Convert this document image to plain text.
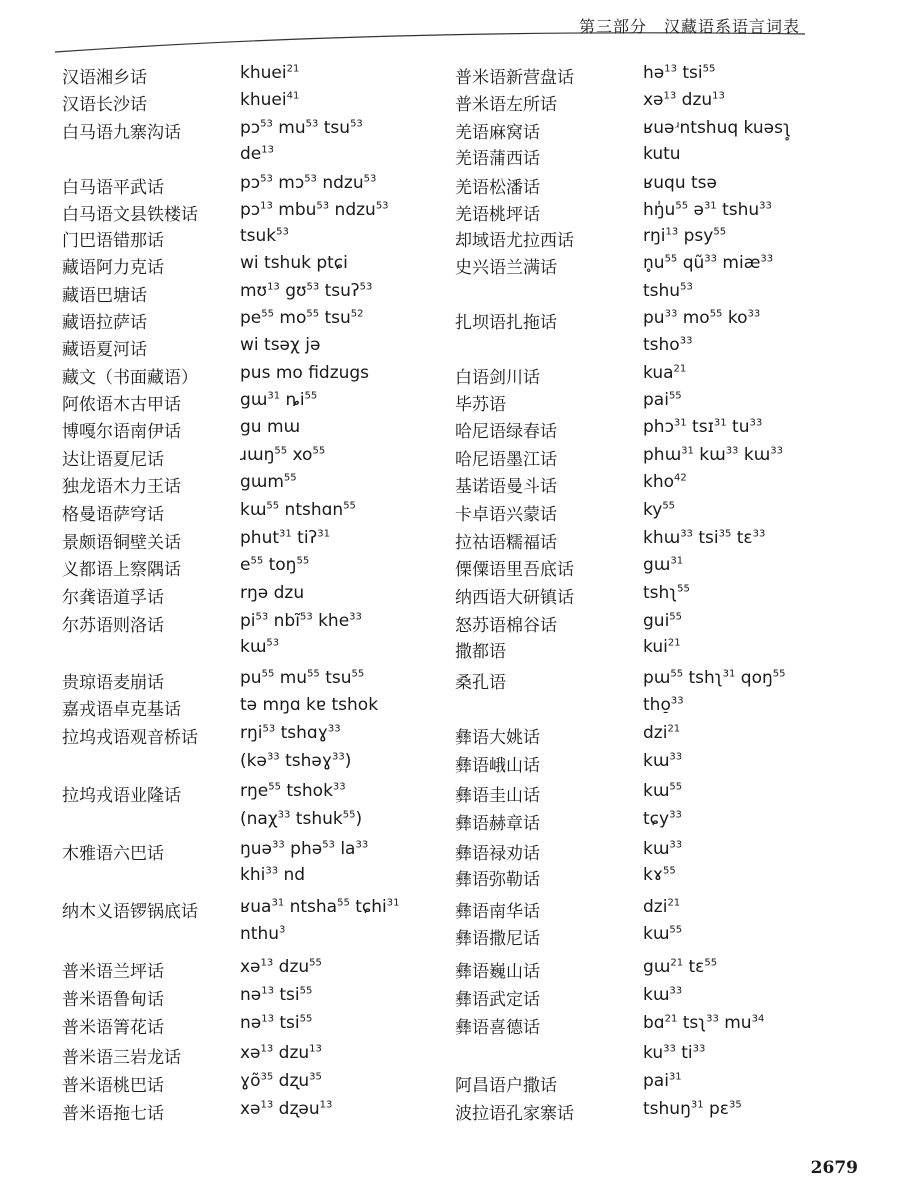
第三部分　汉藏语系语言词表
汉语湘乡话	khuei$^{21}$
汉语长沙话	khuei$^{41}$
白马语九寨沟话	pɔ$^{53}$ $mu^{53}$ tsu$^{53}$
$de^{13}$
白马语平武话	pɔ$^{53}$ mɔ$^{53}$ ndzu$^{53}$
白马语文县铁楼话 pɔ$^{13}$ mbu$^{53}$ ndzu$^{53}$
门巴语错那话	tsuk$^{53}$
藏语阿力克话	wi tshuk ptɕi
藏语巴塘话	mʊ$^{13}$ gʊ$^{53}$ tsuʔ$^{53}$
藏语拉萨话	$pe^{55}$ $mo^{55}$ tsu$^{52}$
藏语夏河话	wi tsəχ jə
藏文（书面藏语） pus mo fidzugs
阿侬语木古甲话	gɯ$^{31}$ $ȵi^{55}$
博嘎尔语南伊话	gu mɯ
达让语夏尼话	ɹɯŋ$^{55}$ $xo^{55}$
独龙语木力王话	gɯm$^{55}$
格曼语萨穹话	kɯ$^{55}$ ntshɑn$^{55}$
景颇语铜壁关话	phut$^{31}$ tiʔ$^{31}$
义都语上察隅话	$e^{55}$ toŋ$^{55}$
尔龚语道孚话	rŋə dzu
尔苏语则洛话	$pi^{53}$ nbĩ$^{53}$ khe$^{33}$
kɯ$^{53}$
贵琼语麦崩话	$pu^{55}$ $mu^{55}$ tsu$^{55}$
嘉戎语卓克基话	tə mŋɑ kɐ tshok
拉坞戎语观音桥话 rŋi$^{53}$ tshɑɣ$^{33}$
(kə$^{33}$ tshəɣ$^{33}$)
拉坞戎语业隆话	rŋe$^{55}$ tshok$^{33}$
(naχ$^{33}$ tshuk$^{55}$)
木雅语六巴话	ŋuə$^{33}$ phə$^{53}$ $la^{33}$
khi$^{33}$ nd
纳木义语锣锅底话 ʁua$^{31}$ ntsha$^{55}$ tɕhi$^{31}$
nthu$^3$
普米语兰坪话	xə$^{13}$ dzu$^{55}$
普米语鲁甸话	nə$^{13}$ tsi$^{55}$
普米语箐花话	nə$^{13}$ tsi$^{55}$
普米语三岩龙话	xə$^{13}$ dzu$^{13}$
普米语桃巴话	ɣõ$^{35}$ dʐu$^{35}$
普米语拖七话	xə$^{13}$ dʐəu$^{13}$
普米语新营盘话	hə$^{13}$ tsi$^{55}$
普米语左所话	xə$^{13}$ dzu$^{13}$
羌语麻窝话	ʁuəʴntshuq kuəsʅ̥
羌语蒲西话	kutu
羌语松潘话	ʁuqu tsə
羌语桃坪话	$hŋ̍u^{55}$ ə$^{31}$ tshu$^{33}$
却域语尤拉西话	rŋi$^{13}$ psy$^{55}$
史兴语兰满话	$n̥u^{55}$ $qũ^{33}$ miæ$^{33}$
tshu$^{53}$
扎坝语扎拖话	$pu^{33}$ $mo^{55}$ $ko^{33}$
tsho$^{33}$
白语剑川话	kua$^{21}$
毕苏语	pai$^{55}$
哈尼语绿春话	phɔ$^{31}$ tsɪ$^{31}$ $tu^{33}$
哈尼语墨江话	phɯ$^{31}$ kɯ$^{33}$ kɯ$^{33}$
基诺语曼斗话	kho$^{42}$
卡卓语兴蒙话	$ky^{55}$
拉祜语糯福话	khɯ$^{33}$ tsi$^{35}$ tɛ$^{33}$
傈僳语里吾底话	gɯ$^{31}$
纳西语大研镇话	tshʅ$^{55}$
怒苏语棉谷话	gui$^{55}$
撒都语	kui$^{21}$
桑孔语	pɯ$^{55}$ tshʅ$^{31}$ qoŋ$^{55}$
tho̠$^{33}$
彝语大姚话	dzi$^{21}$
彝语峨山话	kɯ$^{33}$
彝语圭山话	kɯ$^{55}$
彝语赫章话	tɕy$^{33}$
彝语禄劝话	kɯ$^{33}$
彝语弥勒话	kɤ$^{55}$
彝语南华话	dzi$^{21}$
彝语撒尼话	kɯ$^{55}$
彝语巍山话	gɯ$^{21}$ tɛ$^{55}$
彝语武定话	kɯ$^{33}$
彝语喜德话	bɑ$^{21}$ tsʅ$^{33}$ $mu^{34}$
$ku^{33}$ $ti^{33}$
阿昌语户撒话	pai$^{31}$
波拉语孔家寨话	tshuŋ$^{31}$ pɛ$^{35}$
2679
